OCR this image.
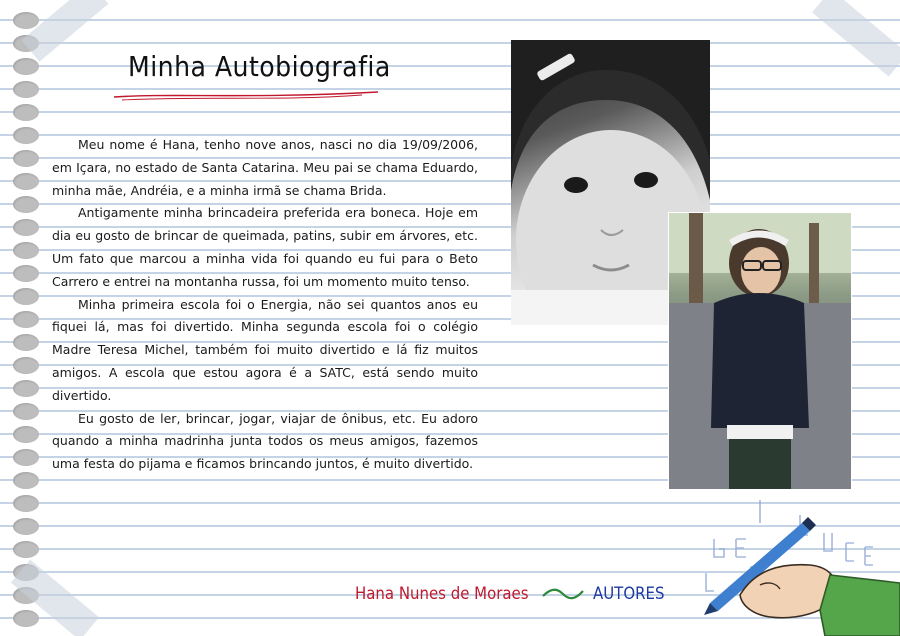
Minha Autobiografia

Meu nome é Hana, tenho nove anos, nasci no dia 19/09/2006, em Içara, no estado de Santa Catarina. Meu pai se chama Eduardo, minha mãe, Andréia, e a minha irmã se chama Brida.

Antigamente minha brincadeira preferida era boneca. Hoje em dia eu gosto de brincar de queimada, patins, subir em árvores, etc. Um fato que marcou a minha vida foi quando eu fui para o Beto Carrero e entrei na montanha russa, foi um momento muito tenso.

Minha primeira escola foi o Energia, não sei quantos anos eu fiquei lá, mas foi divertido. Minha segunda escola foi o colégio Madre Teresa Michel, também foi muito divertido e lá fiz muitos amigos. A escola que estou agora é a SATC, está sendo muito divertido.

Eu gosto de ler, brincar, jogar, viajar de ônibus, etc. Eu adoro quando a minha madrinha junta todos os meus amigos, fazemos uma festa do pijama e ficamos brincando juntos, é muito divertido.

Hana Nunes de Moraes	AUTORES
